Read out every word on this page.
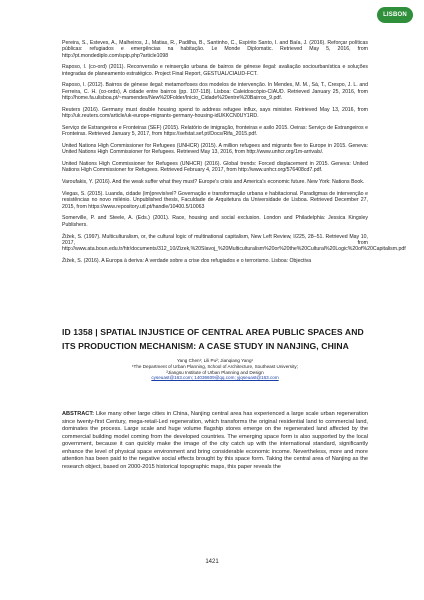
LISBON

Pereira, S., Esteves, A., Malheiros, J., Matias, R., Padilha, B., Santinho, C., Espírito Santo, I. and Baía, J. (2016). Reforçar políticas públicas: refugiados e emergências na habitação. Le Monde Diplomatic. Retrieved May 5, 2016, from http://pt.mondediplo.com/spip.php?article1098

Raposo, I. (co-ord) (2011). Reconversão e reinserção urbana de bairros de génese ilegal: avaliação sociourbanística e soluções integradas de planeamento estratégico. Project Final Report, GESTUAL/CIAUD-FCT.

Raposo, I. (2012). Bairros de génese ilegal: metamorfoses dos modelos de intervenção. In Mendes, M. M., Sá, T., Crespo, J. L. and Ferreira, C. H. (co-ords), A cidade entre bairros (pp. 107-118). Lisboa: Caleidoscópio-CIAUD. Retrieved January 25, 2016, from http://home.fa.ulisboa.pt/~mamendes/New%20Folder/Inicio_Cidade%20entre%20Bairros_9.pdf.

Reuters (2016). Germany must double housing spend to address refugee influx, says minister. Retrieved May 13, 2016, from http://uk.reuters.com/article/uk-europe-migrants-germany-housing-idUKKCN0UY1RD.

Serviço de Estrangeiros e Fronteiras (SEF) (2015). Relatório de imigração, fronteiras e asilo 2015. Oeiras: Serviço de Estrangeiros e Fronteiras. Retrieved January 5, 2017, from https://sefstat.sef.pt/Docs/Rifa_2015.pdf.

United Nations High Commissioner for Refugees (UNHCR) (2015). A million refugees and migrants flee to Europe in 2015. Geneva: United Nations High Commissioner for Refugees. Retrieved May 13, 2016, from http://www.unhcr.org/1m-arrivals/.

United Nations High Commissioner for Refugees (UNHCR) (2016). Global trends: Forced displacement in 2015. Geneva: United Nations High Commissioner for Refugees. Retrieved February 4, 2017, from http://www.unhcr.org/576408cd7.pdf.

Varoufakis, Y. (2016). And the weak suffer what they must? Europe's crisis and America's economic future. New York: Nations Book.

Viegas, S. (2015). Luanda, cidade (im)previsível? Governação e transformação urbana e habitacional. Paradigmas de intervenção e resistências no novo milénio. Unpublished thesis, Faculdade de Arquitetura da Universidade de Lisboa. Retrieved December 27, 2015, from https://www.repository.utl.pt/handle/10400.5/10063

Somerville, P. and Steele, A. (Eds.) (2001). Race, housing and social exclusion. London and Philadelphia: Jessica Kingsley Publishers.

Žižek, S. (1997). Multiculturalism, or, the cultural logic of multinational capitalism, New Left Review, I/225, 28–51. Retrieved May 10, 2017, from http://www.ata.boun.edu.tr/htr/documents/312_10/Zizek,%20Slavoj_%20Multiculturalism%20or%20the%20Cultural%20Logic%20of%20Capitalism.pdf

Žižek, S. (2016). A Europa à deriva: A verdade sobre a crise dos refugiados e o terrorismo. Lisboa: Objectiva

ID 1358 | SPATIAL INJUSTICE OF CENTRAL AREA PUBLIC SPACES AND ITS PRODUCTION MECHANISM: A CASE STUDY IN NANJING, CHINA
Yang Chen¹; Lili Pu²; Jianqiang Yang¹
¹The Department of Urban Planning, School of Architecture, Southeast University;
²Jiangsu Institute of Urban Planning and Design
cyseuast@163.com; 14036609@qq.com; yjqseuast@163.com
ABSTRACT: Like many other large cities in China, Nanjing central area has experienced a large scale urban regeneration since twenty-first Century, mega-retail-Led regeneration, which transforms the original residential land to commercial land, dominates the process. Large scale and huge volume flagship stores emerge on the regenerated land affected by the commercial building model coming from the developed countries. The emerging space form is also supported by the local government, because it can quickly make the image of the city catch up with the international standard, significantly enhance the level of physical space environment and bring considerable economic income. Nevertheless, more and more attention has been paid to the negative social effects brought by this space form. Taking the central area of Nanjing as the research object, based on 2000-2015 historical topographic maps, this paper reveals the
1421
